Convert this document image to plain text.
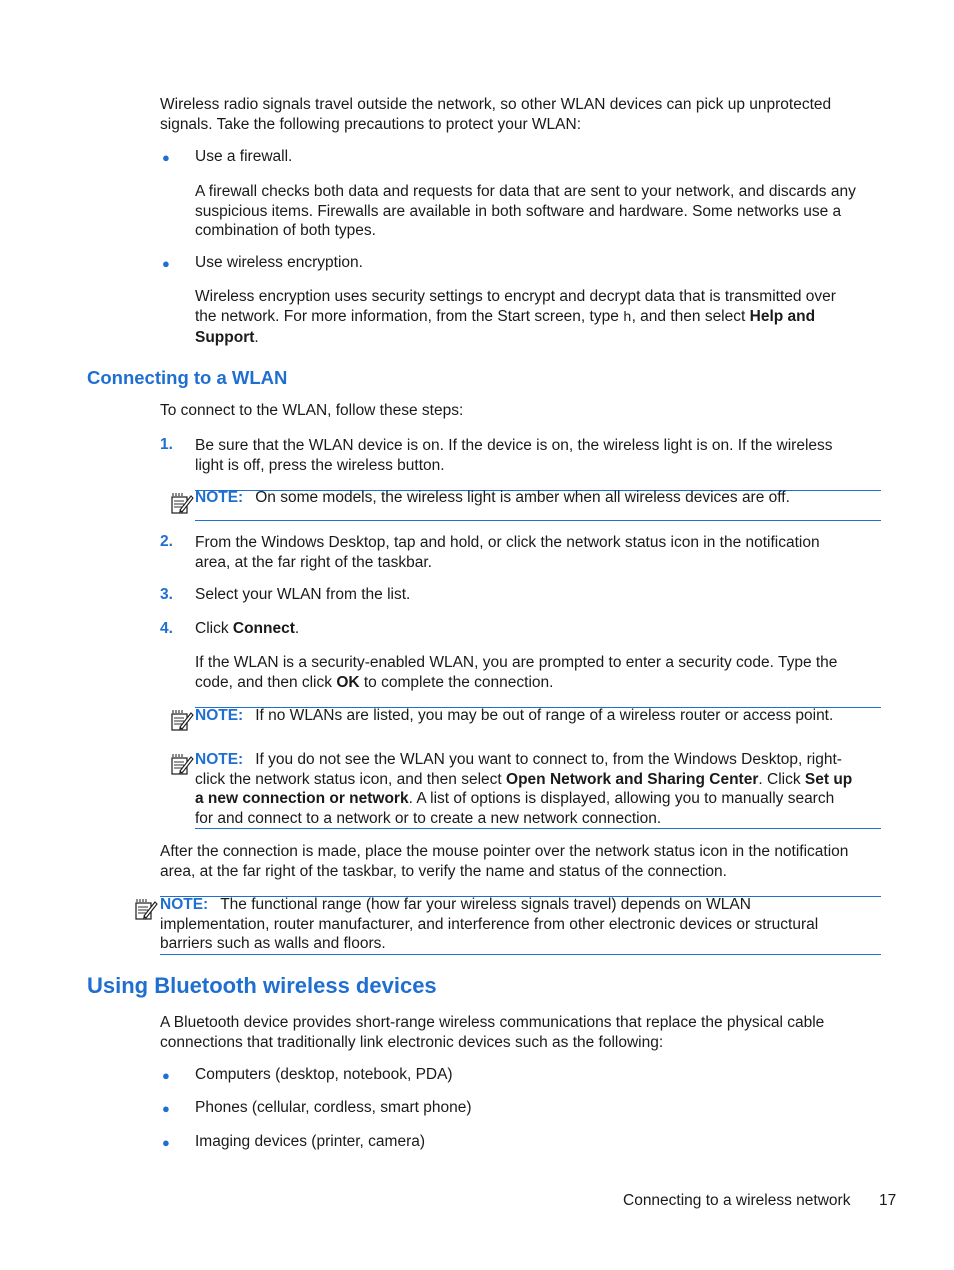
Wireless radio signals travel outside the network, so other WLAN devices can pick up unprotected
signals. Take the following precautions to protect your WLAN:
● Use a firewall.
A firewall checks both data and requests for data that are sent to your network, and discards any
suspicious items. Firewalls are available in both software and hardware. Some networks use a
combination of both types.
● Use wireless encryption.
Wireless encryption uses security settings to encrypt and decrypt data that is transmitted over
the network. For more information, from the Start screen, type h, and then select Help and
Support.
Connecting to a WLAN
To connect to the WLAN, follow these steps:
1. Be sure that the WLAN device is on. If the device is on, the wireless light is on. If the wireless
light is off, press the wireless button.
NOTE: On some models, the wireless light is amber when all wireless devices are off.
2. From the Windows Desktop, tap and hold, or click the network status icon in the notification
area, at the far right of the taskbar.
3. Select your WLAN from the list.
4. Click Connect.
If the WLAN is a security-enabled WLAN, you are prompted to enter a security code. Type the
code, and then click OK to complete the connection.
NOTE: If no WLANs are listed, you may be out of range of a wireless router or access point.
NOTE: If you do not see the WLAN you want to connect to, from the Windows Desktop, right-
click the network status icon, and then select Open Network and Sharing Center. Click Set up
a new connection or network. A list of options is displayed, allowing you to manually search
for and connect to a network or to create a new network connection.
After the connection is made, place the mouse pointer over the network status icon in the notification
area, at the far right of the taskbar, to verify the name and status of the connection.
NOTE: The functional range (how far your wireless signals travel) depends on WLAN
implementation, router manufacturer, and interference from other electronic devices or structural
barriers such as walls and floors.
Using Bluetooth wireless devices
A Bluetooth device provides short-range wireless communications that replace the physical cable
connections that traditionally link electronic devices such as the following:
● Computers (desktop, notebook, PDA)
● Phones (cellular, cordless, smart phone)
● Imaging devices (printer, camera)
Connecting to a wireless network 17
